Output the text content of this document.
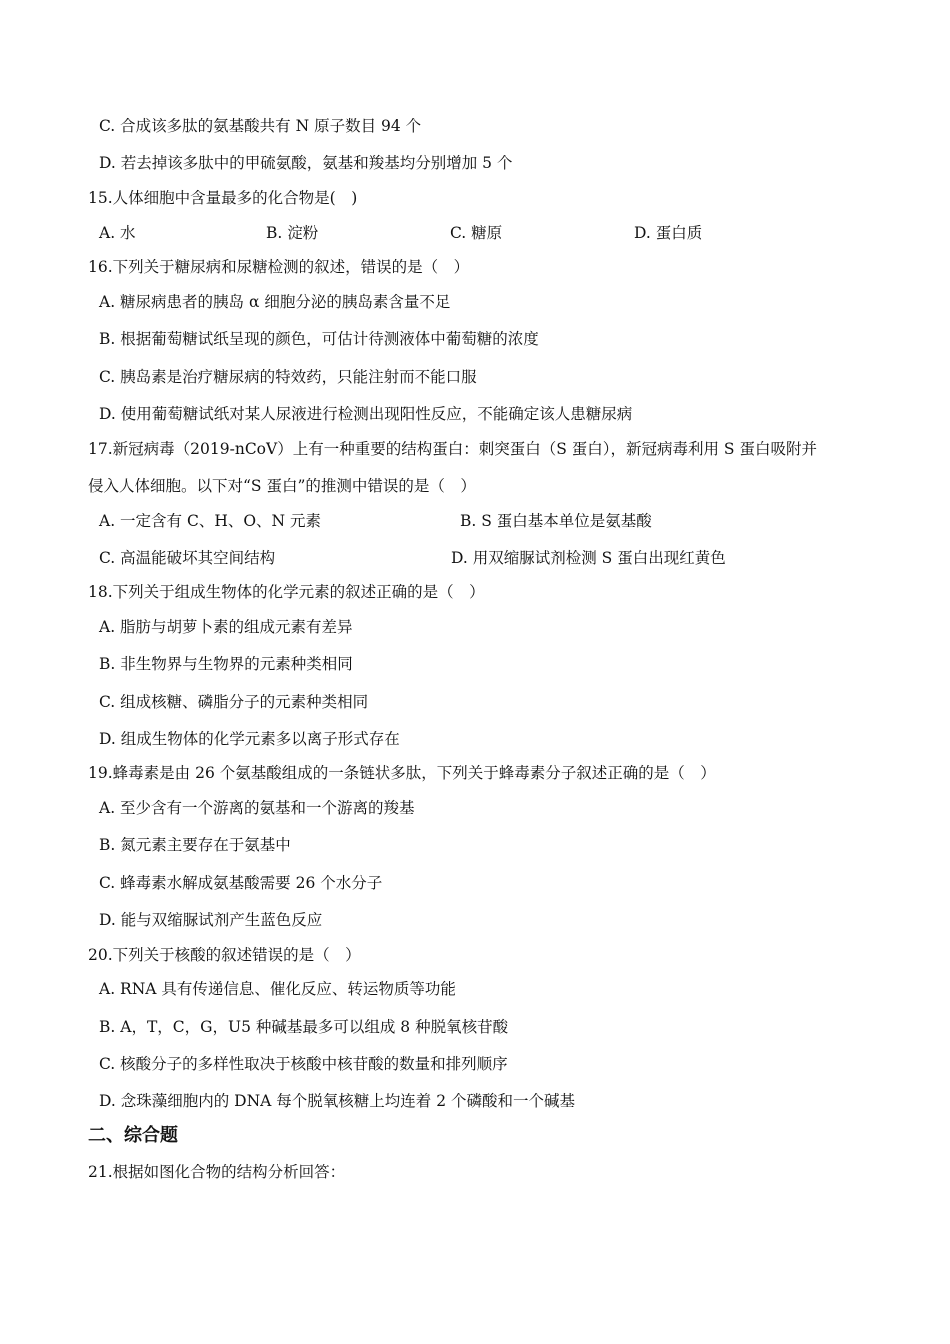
C. 合成该多肽的氨基酸共有 N 原子数目 94 个
D. 若去掉该多肽中的甲硫氨酸，氨基和羧基均分别增加 5 个
15.人体细胞中含量最多的化合物是(　)
A. 水	B. 淀粉	C. 糖原	D. 蛋白质
16.下列关于糖尿病和尿糖检测的叙述，错误的是（　）
A. 糖尿病患者的胰岛 α 细胞分泌的胰岛素含量不足
B. 根据葡萄糖试纸呈现的颜色，可估计待测液体中葡萄糖的浓度
C. 胰岛素是治疗糖尿病的特效药，只能注射而不能口服
D. 使用葡萄糖试纸对某人尿液进行检测出现阳性反应，不能确定该人患糖尿病
17.新冠病毒（2019-nCoV）上有一种重要的结构蛋白：刺突蛋白（S 蛋白），新冠病毒利用 S 蛋白吸附并
侵入人体细胞。以下对“S 蛋白”的推测中错误的是（　）
A. 一定含有 C、H、O、N 元素	B. S 蛋白基本单位是氨基酸
C. 高温能破坏其空间结构	D. 用双缩脲试剂检测 S 蛋白出现红黄色
18.下列关于组成生物体的化学元素的叙述正确的是（　）
A. 脂肪与胡萝卜素的组成元素有差异
B. 非生物界与生物界的元素种类相同
C. 组成核糖、磷脂分子的元素种类相同
D. 组成生物体的化学元素多以离子形式存在
19.蜂毒素是由 26 个氨基酸组成的一条链状多肽，下列关于蜂毒素分子叙述正确的是（　）
A. 至少含有一个游离的氨基和一个游离的羧基
B. 氮元素主要存在于氨基中
C. 蜂毒素水解成氨基酸需要 26 个水分子
D. 能与双缩脲试剂产生蓝色反应
20.下列关于核酸的叙述错误的是（　）
A. RNA 具有传递信息、催化反应、转运物质等功能
B. A，T，C，G，U5 种碱基最多可以组成 8 种脱氧核苷酸
C. 核酸分子的多样性取决于核酸中核苷酸的数量和排列顺序
D. 念珠藻细胞内的 DNA 每个脱氧核糖上均连着 2 个磷酸和一个碱基
二、综合题
21.根据如图化合物的结构分析回答：
